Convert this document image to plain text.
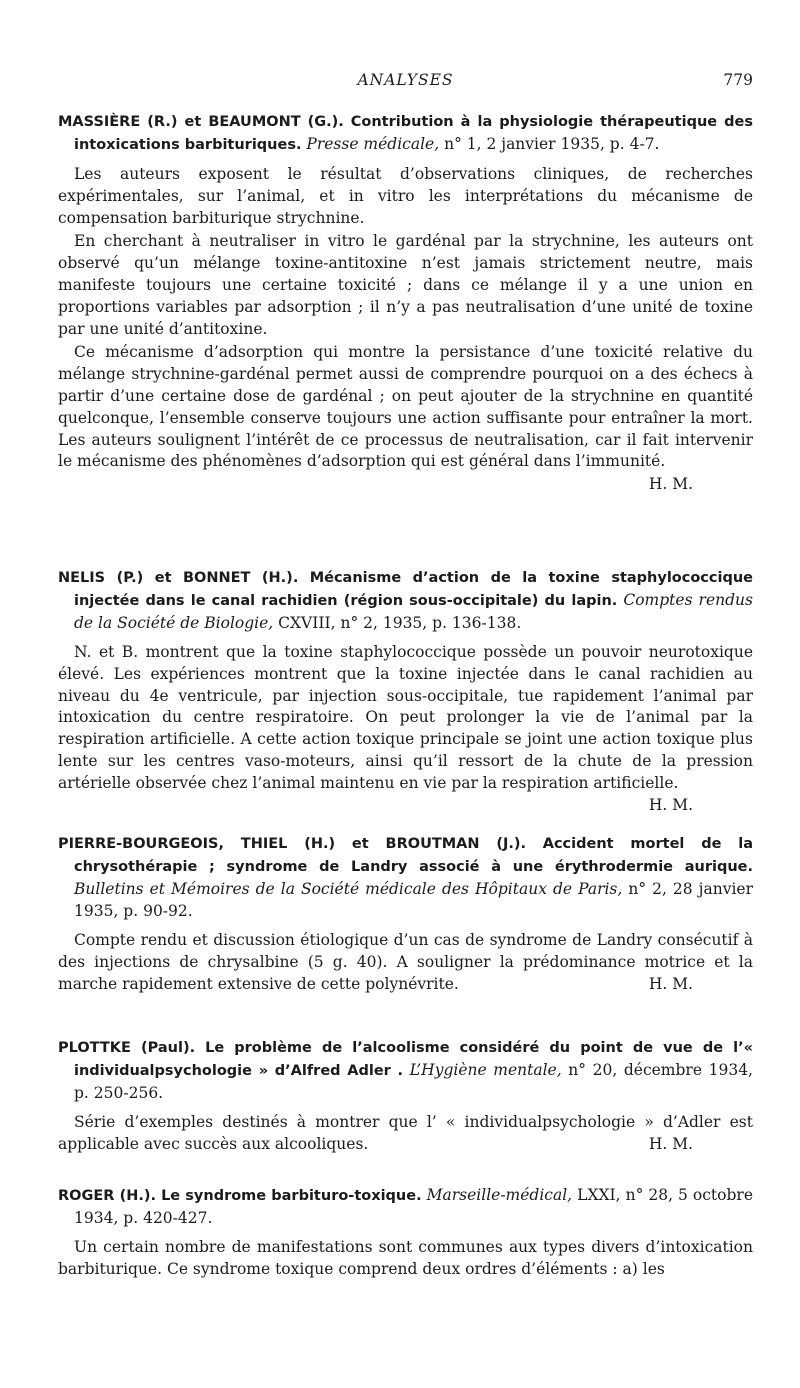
ANALYSES	779

MASSIÈRE (R.) et BEAUMONT (G.). Contribution à la physiologie thérapeutique des intoxications barbituriques. Presse médicale, n° 1, 2 janvier 1935, p. 4-7.

Les auteurs exposent le résultat d’observations cliniques, de recherches expérimentales, sur l’animal, et in vitro les interprétations du mécanisme de compensation barbiturique strychnine.

En cherchant à neutraliser in vitro le gardénal par la strychnine, les auteurs ont observé qu’un mélange toxine-antitoxine n’est jamais strictement neutre, mais manifeste toujours une certaine toxicité ; dans ce mélange il y a une union en proportions variables par adsorption ; il n’y a pas neutralisation d’une unité de toxine par une unité d’antitoxine.

Ce mécanisme d’adsorption qui montre la persistance d’une toxicité relative du mélange strychnine-gardénal permet aussi de comprendre pourquoi on a des échecs à partir d’une certaine dose de gardénal ; on peut ajouter de la strychnine en quantité quelconque, l’ensemble conserve toujours une action suffisante pour entraîner la mort. Les auteurs soulignent l’intérêt de ce processus de neutralisation, car il fait intervenir le mécanisme des phénomènes d’adsorption qui est général dans l’immunité.

H. M.

NELIS (P.) et BONNET (H.). Mécanisme d’action de la toxine staphylococcique injectée dans le canal rachidien (région sous-occipitale) du lapin. Comptes rendus de la Société de Biologie, CXVIII, n° 2, 1935, p. 136-138.

N. et B. montrent que la toxine staphylococcique possède un pouvoir neurotoxique élevé. Les expériences montrent que la toxine injectée dans le canal rachidien au niveau du 4e ventricule, par injection sous-occipitale, tue rapidement l’animal par intoxication du centre respiratoire. On peut prolonger la vie de l’animal par la respiration artificielle. A cette action toxique principale se joint une action toxique plus lente sur les centres vaso-moteurs, ainsi qu’il ressort de la chute de la pression artérielle observée chez l’animal maintenu en vie par la respiration artificielle.
H. M.

PIERRE-BOURGEOIS, THIEL (H.) et BROUTMAN (J.). Accident mortel de la chrysothérapie ; syndrome de Landry associé à une érythrodermie aurique. Bulletins et Mémoires de la Société médicale des Hôpitaux de Paris, n° 2, 28 janvier 1935, p. 90-92.

Compte rendu et discussion étiologique d’un cas de syndrome de Landry consécutif à des injections de chrysalbine (5 g. 40). A souligner la prédominance motrice et la marche rapidement extensive de cette polynévrite.	H. M.

PLOTTKE (Paul). Le problème de l’alcoolisme considéré du point de vue de l’« individualpsychologie » d’Alfred Adler . L’Hygiène mentale, n° 20, décembre 1934, p. 250-256.

Série d’exemples destinés à montrer que l’ « individualpsychologie » d’Adler est applicable avec succès aux alcooliques.	H. M.

ROGER (H.). Le syndrome barbituro-toxique. Marseille-médical, LXXI, n° 28, 5 octobre 1934, p. 420-427.

Un certain nombre de manifestations sont communes aux types divers d’intoxication barbiturique. Ce syndrome toxique comprend deux ordres d’éléments : a) les
